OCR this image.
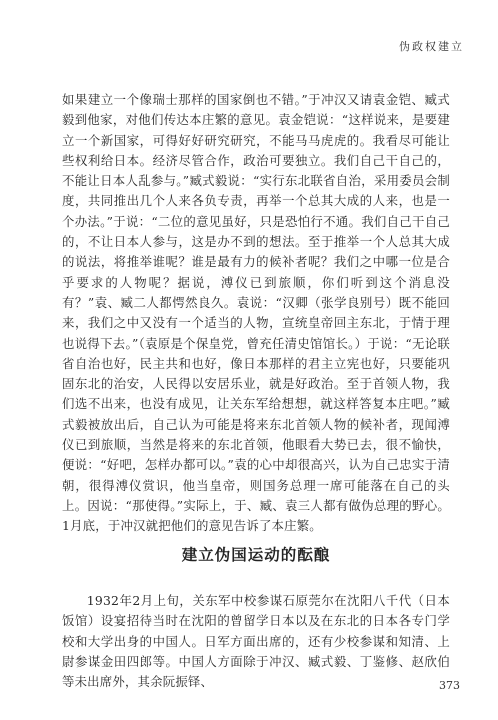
伪政权建立

如果建立一个像瑞士那样的国家倒也不错。”于冲汉又请袁金铠、臧式毅到他家，对他们传达本庄繁的意见。袁金铠说：“这样说来，是要建立一个新国家，可得好好研究研究，不能马马虎虎的。我看尽可能让些权利给日本。经济尽管合作，政治可要独立。我们自己干自己的，不能让日本人乱参与。”臧式毅说：“实行东北联省自治，采用委员会制度，共同推出几个人来各负专责，再举一个总其大成的人来，也是一个办法。”于说：“二位的意见虽好，只是恐怕行不通。我们自己干自己的，不让日本人参与，这是办不到的想法。至于推举一个人总其大成的说法，将推举谁呢？谁是最有力的候补者呢？我们之中哪一位是合乎要求的人物呢？据说，溥仪已到旅顺，你们听到这个消息没有？”袁、臧二人都愕然良久。袁说：“汉卿（张学良别号）既不能回来，我们之中又没有一个适当的人物，宣统皇帝回主东北，于情于理也说得下去。”（袁原是个保皇党，曾充任清史馆馆长。）于说：“无论联省自治也好，民主共和也好，像日本那样的君主立宪也好，只要能巩固东北的治安，人民得以安居乐业，就是好政治。至于首领人物，我们选不出来，也没有成见，让关东军给想想，就这样答复本庄吧。”臧式毅被放出后，自己认为可能是将来东北首领人物的候补者，现闻溥仪已到旅顺，当然是将来的东北首领，他眼看大势已去，很不愉快，便说：“好吧，怎样办都可以。”袁的心中却很高兴，认为自己忠实于清朝，很得溥仪赏识，他当皇帝，则国务总理一席可能落在自己的头上。因说：“那使得。”实际上，于、臧、袁三人都有做伪总理的野心。1月底，于冲汉就把他们的意见告诉了本庄繁。

建立伪国运动的酝酿

1932年2月上旬，关东军中校参谋石原莞尔在沈阳八千代（日本饭馆）设宴招待当时在沈阳的曾留学日本以及在东北的日本各专门学校和大学出身的中国人。日军方面出席的，还有少校参谋和知清、上尉参谋金田四郎等。中国人方面除于冲汉、臧式毅、丁鉴修、赵欣伯等未出席外，其余阮振铎、	373
